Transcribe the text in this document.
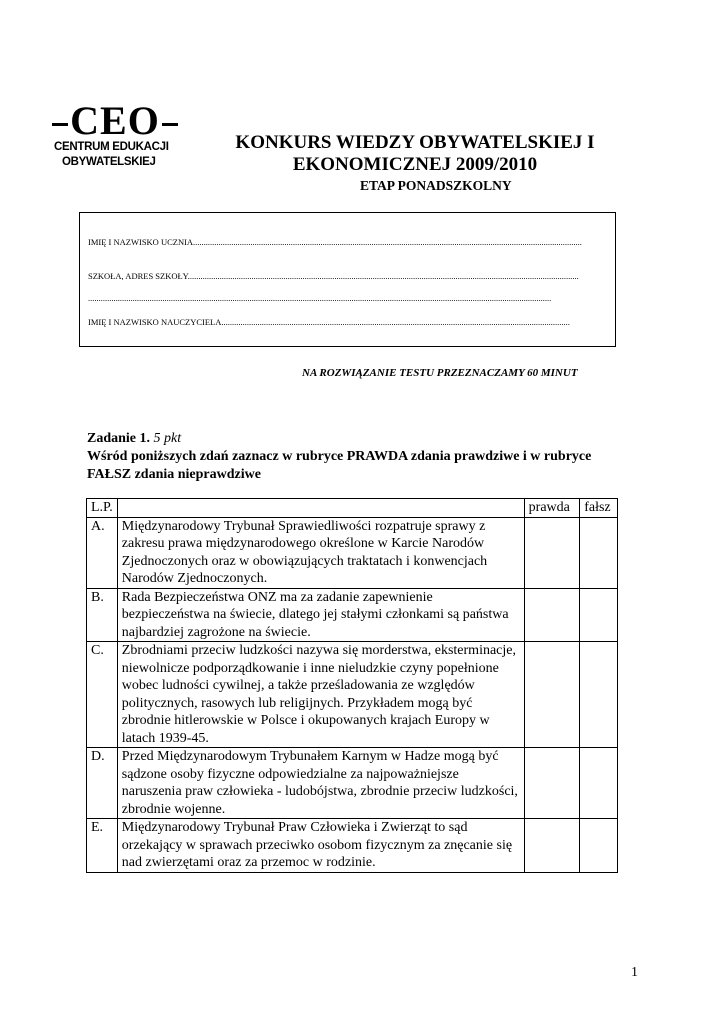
CEO
CENTRUM EDUKACJI
OBYWATELSKIEJ
KONKURS WIEDZY OBYWATELSKIEJ I
EKONOMICZNEJ 2009/2010
ETAP PONADSZKOLNY
IMIĘ I NAZWISKO UCZNIA.......................................................................................................................................................................................
SZKOŁA, ADRES SZKOŁY........................................................................................................................................................................................
..........................................................................................................................................................................................................................
IMIĘ I NAZWISKO NAUCZYCIELA....................................................................................................................................................................
NA ROZWIĄZANIE TESTU PRZEZNACZAMY 60 MINUT
Zadanie 1. 5 pkt
Wśród poniższych zdań zaznacz w rubryce PRAWDA zdania prawdziwe i w rubryce FAŁSZ zdania nieprawdziwe
L.P.		prawda	fałsz
A.	Międzynarodowy Trybunał Sprawiedliwości rozpatruje sprawy z zakresu prawa międzynarodowego określone w Karcie Narodów Zjednoczonych oraz w obowiązujących traktatach i konwencjach Narodów Zjednoczonych.		
B.	Rada Bezpieczeństwa ONZ ma za zadanie zapewnienie bezpieczeństwa na świecie, dlatego jej stałymi członkami są państwa najbardziej zagrożone na świecie.		
C.	Zbrodniami przeciw ludzkości nazywa się morderstwa, eksterminacje, niewolnicze podporządkowanie i inne nieludzkie czyny popełnione wobec ludności cywilnej, a także prześladowania ze względów politycznych, rasowych lub religijnych. Przykładem mogą być zbrodnie hitlerowskie w Polsce i okupowanych krajach Europy w latach 1939-45.		
D.	Przed Międzynarodowym Trybunałem Karnym w Hadze mogą być sądzone osoby fizyczne odpowiedzialne za najpoważniejsze naruszenia praw człowieka - ludobójstwa, zbrodnie przeciw ludzkości, zbrodnie wojenne.		
E.	Międzynarodowy Trybunał Praw Człowieka i Zwierząt to sąd orzekający w sprawach przeciwko osobom fizycznym za znęcanie się nad zwierzętami oraz za przemoc w rodzinie.		
1
